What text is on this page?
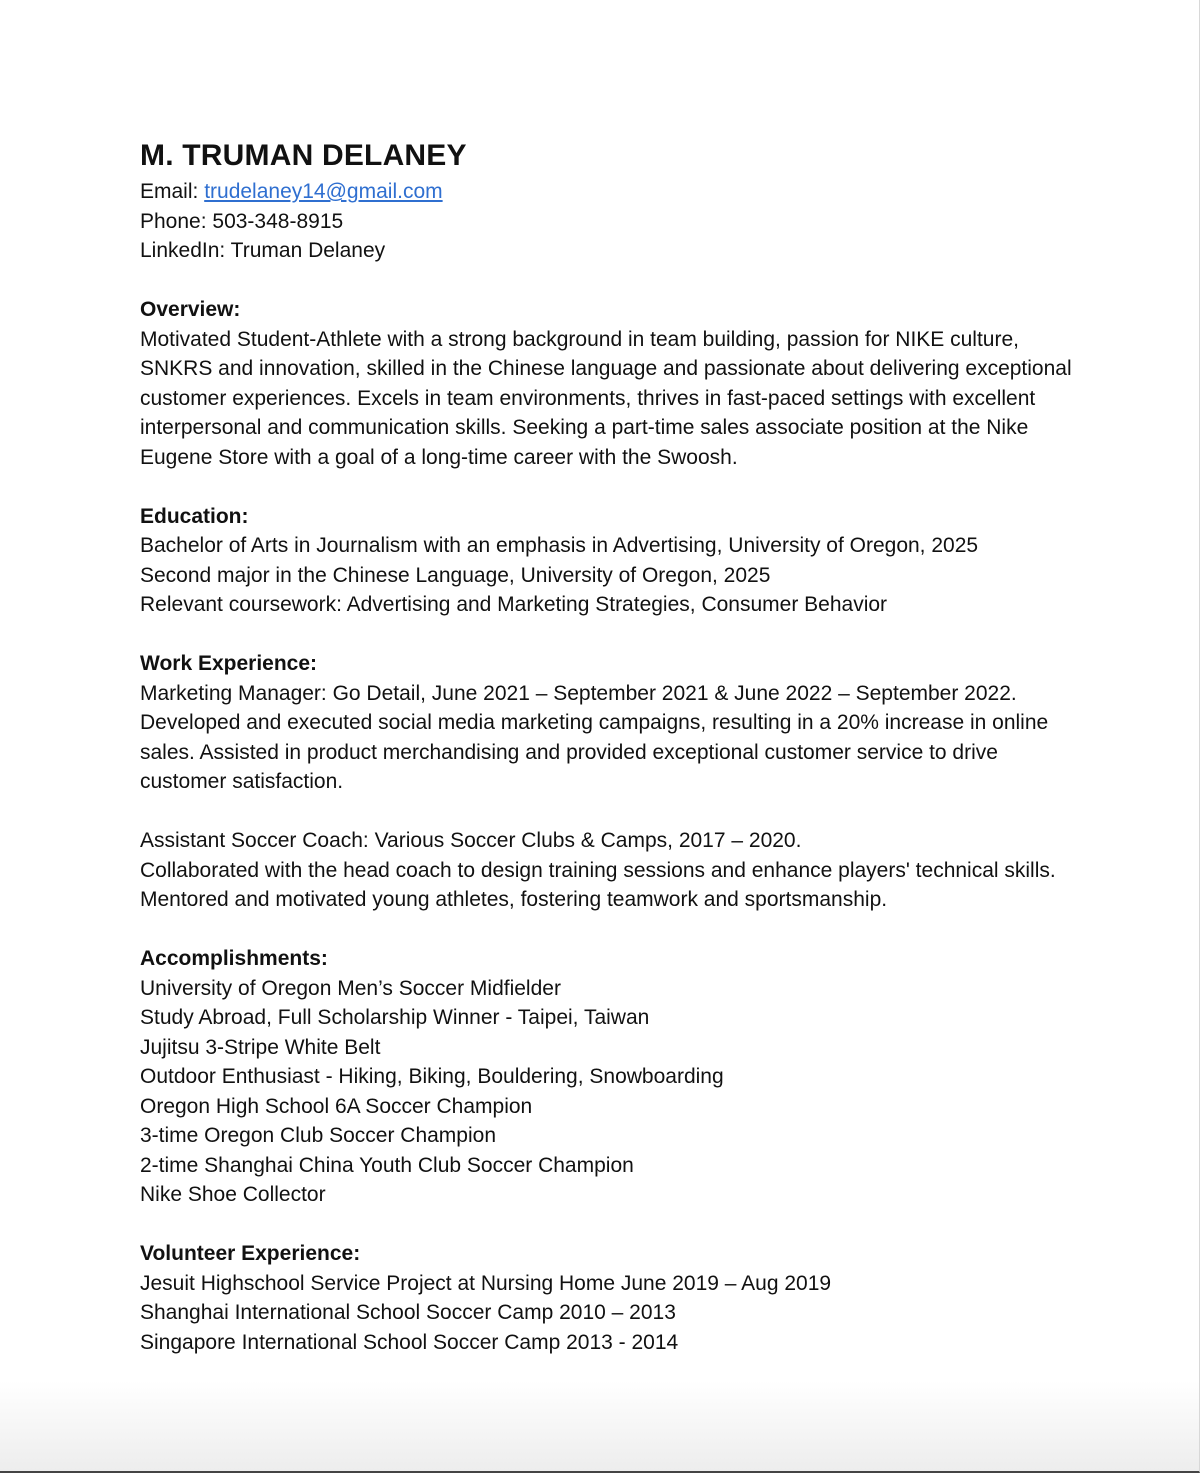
M. TRUMAN DELANEY
Email: trudelaney14@gmail.com
Phone: 503-348-8915
LinkedIn: Truman Delaney
Overview:

Motivated Student-Athlete with a strong background in team building, passion for NIKE culture, SNKRS and innovation, skilled in the Chinese language and passionate about delivering exceptional customer experiences. Excels in team environments, thrives in fast-paced settings with excellent interpersonal and communication skills. Seeking a part-time sales associate position at the Nike Eugene Store with a goal of a long-time career with the Swoosh.

Education:
Bachelor of Arts in Journalism with an emphasis in Advertising, University of Oregon, 2025
Second major in the Chinese Language, University of Oregon, 2025
Relevant coursework: Advertising and Marketing Strategies, Consumer Behavior
Work Experience:
Marketing Manager: Go Detail, June 2021 – September 2021 & June 2022 – September 2022.

Developed and executed social media marketing campaigns, resulting in a 20% increase in online sales. Assisted in product merchandising and provided exceptional customer service to drive customer satisfaction.

Assistant Soccer Coach: Various Soccer Clubs & Camps, 2017 – 2020.

Collaborated with the head coach to design training sessions and enhance players' technical skills. Mentored and motivated young athletes, fostering teamwork and sportsmanship.

Accomplishments:
University of Oregon Men’s Soccer Midfielder
Study Abroad, Full Scholarship Winner - Taipei, Taiwan
Jujitsu 3-Stripe White Belt
Outdoor Enthusiast - Hiking, Biking, Bouldering, Snowboarding
Oregon High School 6A Soccer Champion
3-time Oregon Club Soccer Champion
2-time Shanghai China Youth Club Soccer Champion
Nike Shoe Collector
Volunteer Experience:
Jesuit Highschool Service Project at Nursing Home June 2019 – Aug 2019
Shanghai International School Soccer Camp 2010 – 2013
Singapore International School Soccer Camp 2013 - 2014
